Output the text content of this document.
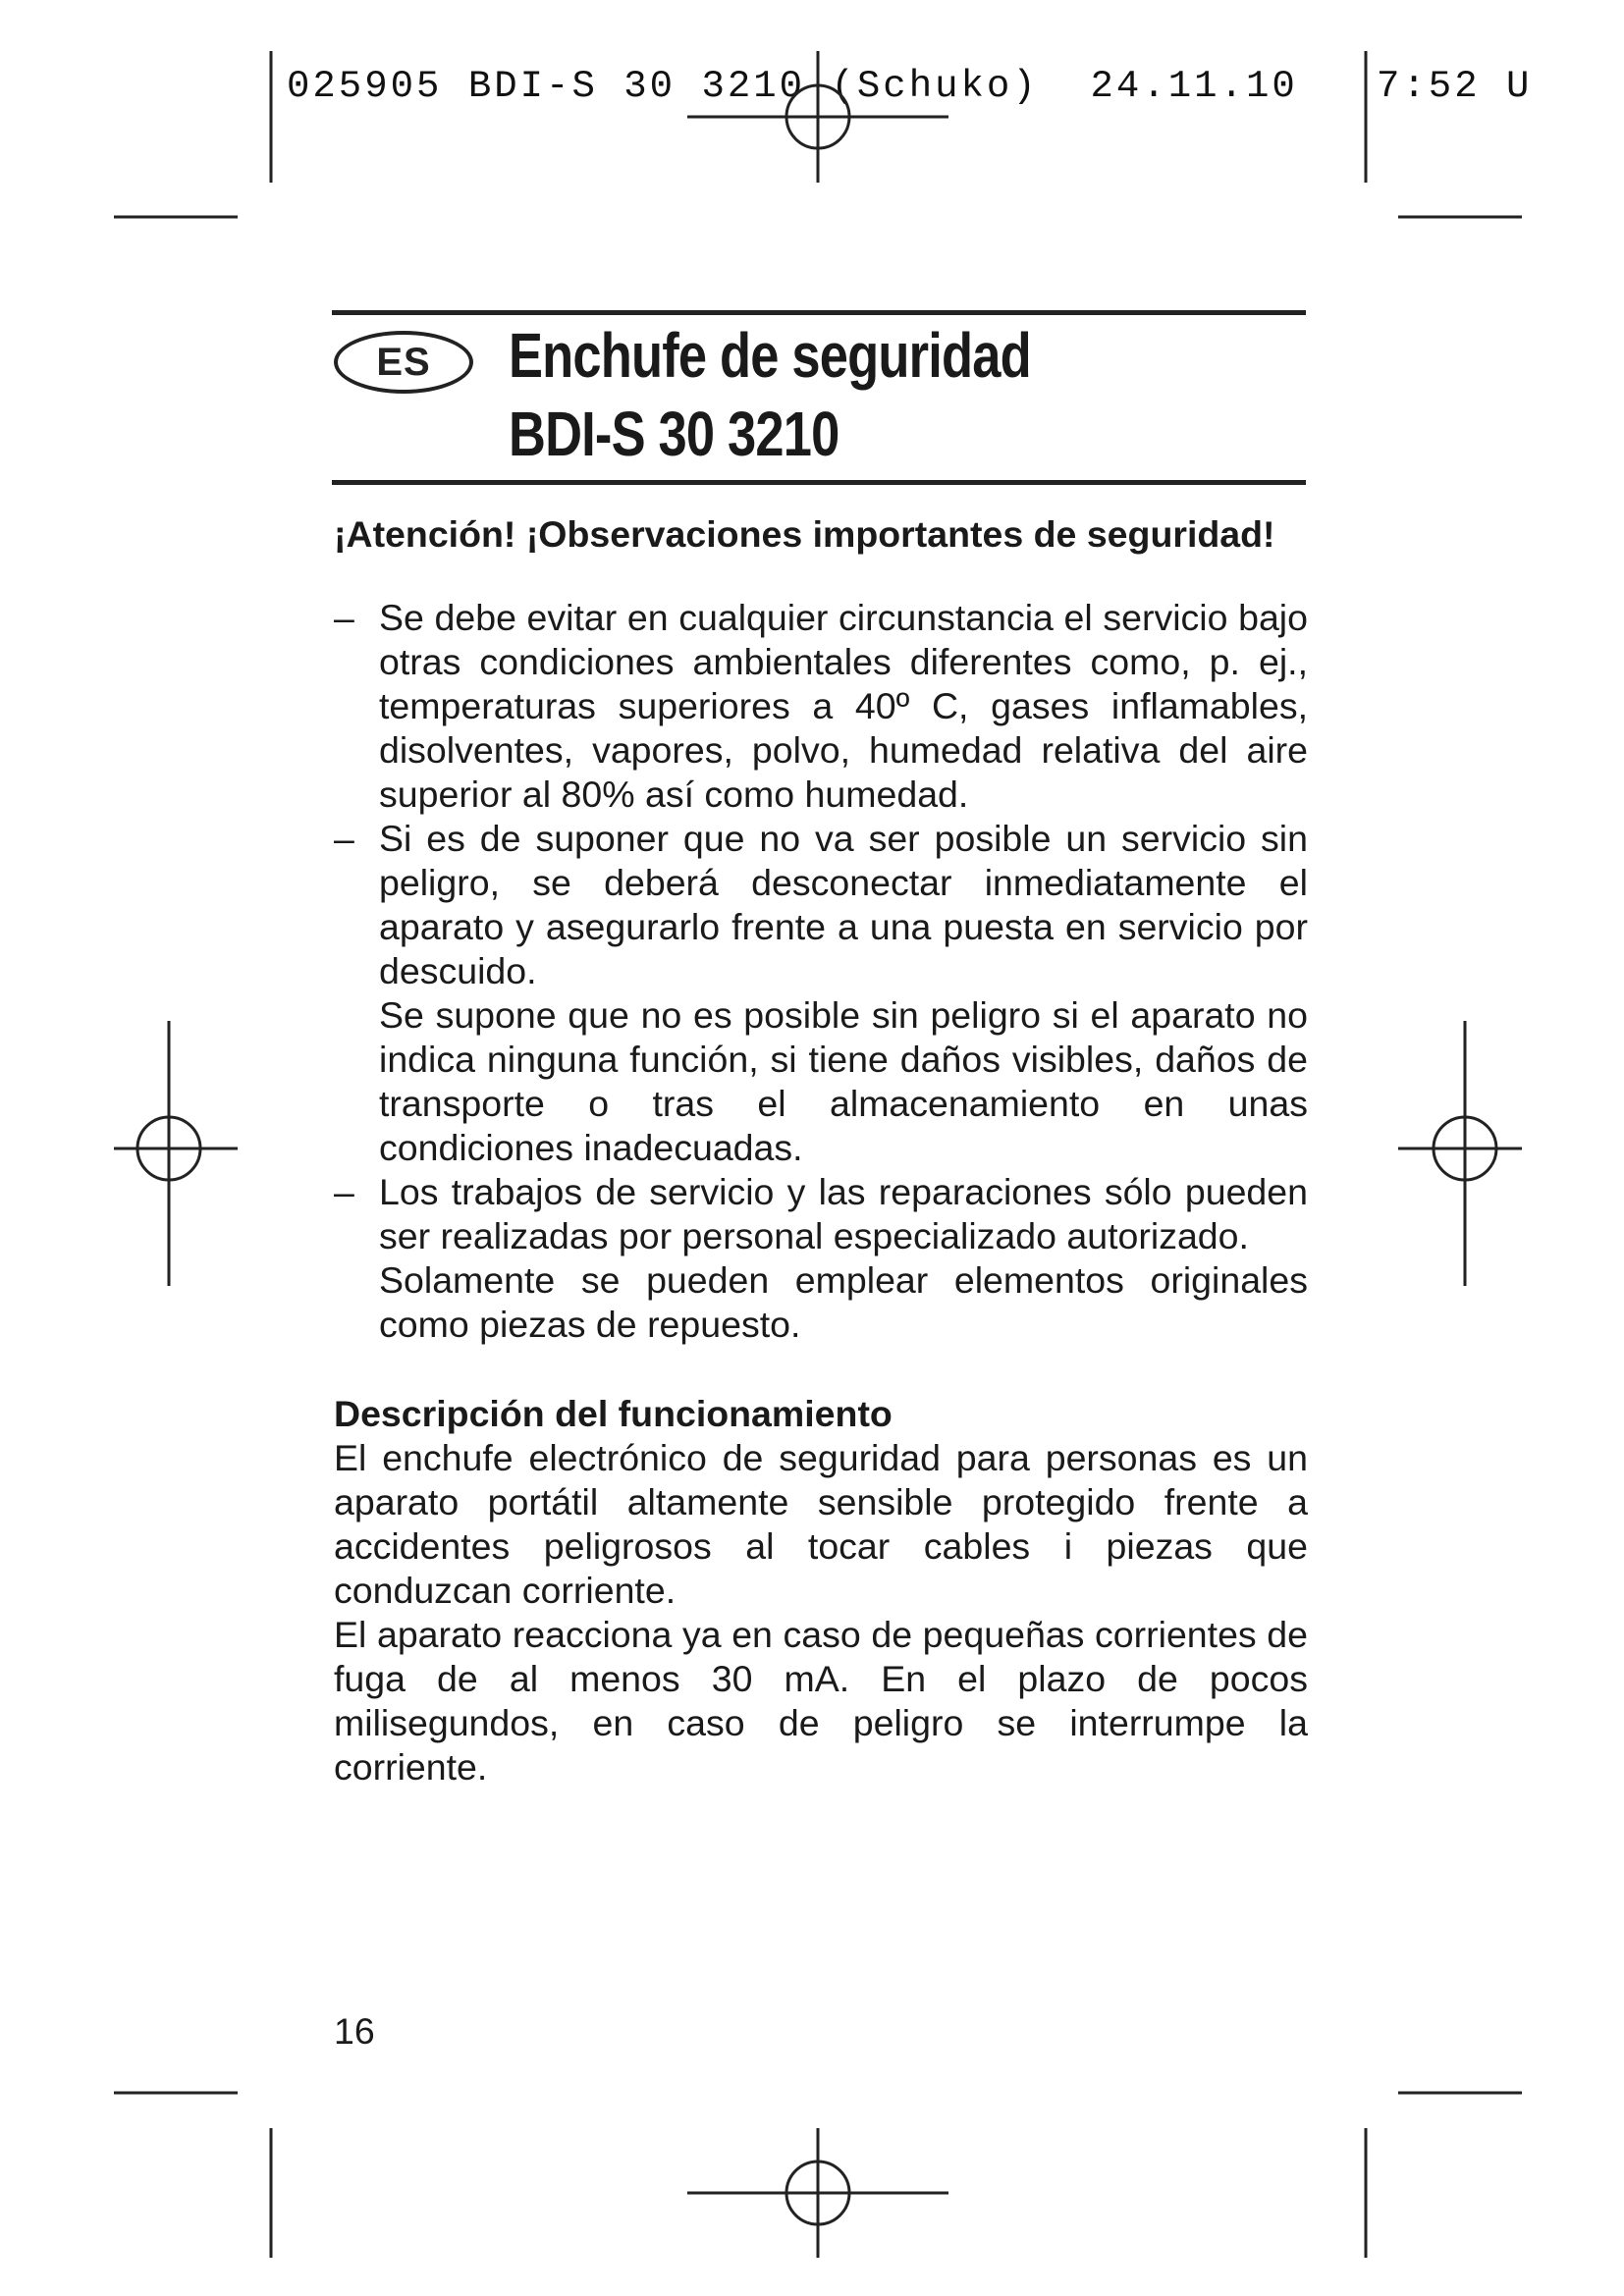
025905 BDI-S 30 3210 (Schuko)  24.11.10 7:52 U
ES	Enchufe de seguridad
BDI-S 30 3210

¡Atención! ¡Observaciones importantes de seguridad!

– Se debe evitar en cualquier circunstancia el servicio bajo otras condiciones ambientales diferentes como, p. ej., temperaturas superiores a 40º C, gases inflamables, disolventes, vapores, polvo, humedad relativa del aire superior al 80% así como humedad.

– Si es de suponer que no va ser posible un servicio sin peligro, se deberá desconectar inmediatamente el aparato y asegurarlo frente a una puesta en servicio por descuido.

Se supone que no es posible sin peligro si el aparato no indica ninguna función, si tiene daños visibles, daños de transporte o tras el almacenamiento en unas condiciones inadecuadas.

– Los trabajos de servicio y las reparaciones sólo pueden ser realizadas por personal especializado autorizado.

Solamente se pueden emplear elementos originales como piezas de repuesto.

Descripción del funcionamiento

El enchufe electrónico de seguridad para personas es un aparato portátil altamente sensible protegido frente a accidentes peligrosos al tocar cables i piezas que conduzcan corriente.

El aparato reacciona ya en caso de pequeñas corrientes de fuga de al menos 30 mA. En el plazo de pocos milisegundos, en caso de peligro se interrumpe la corriente.

16
